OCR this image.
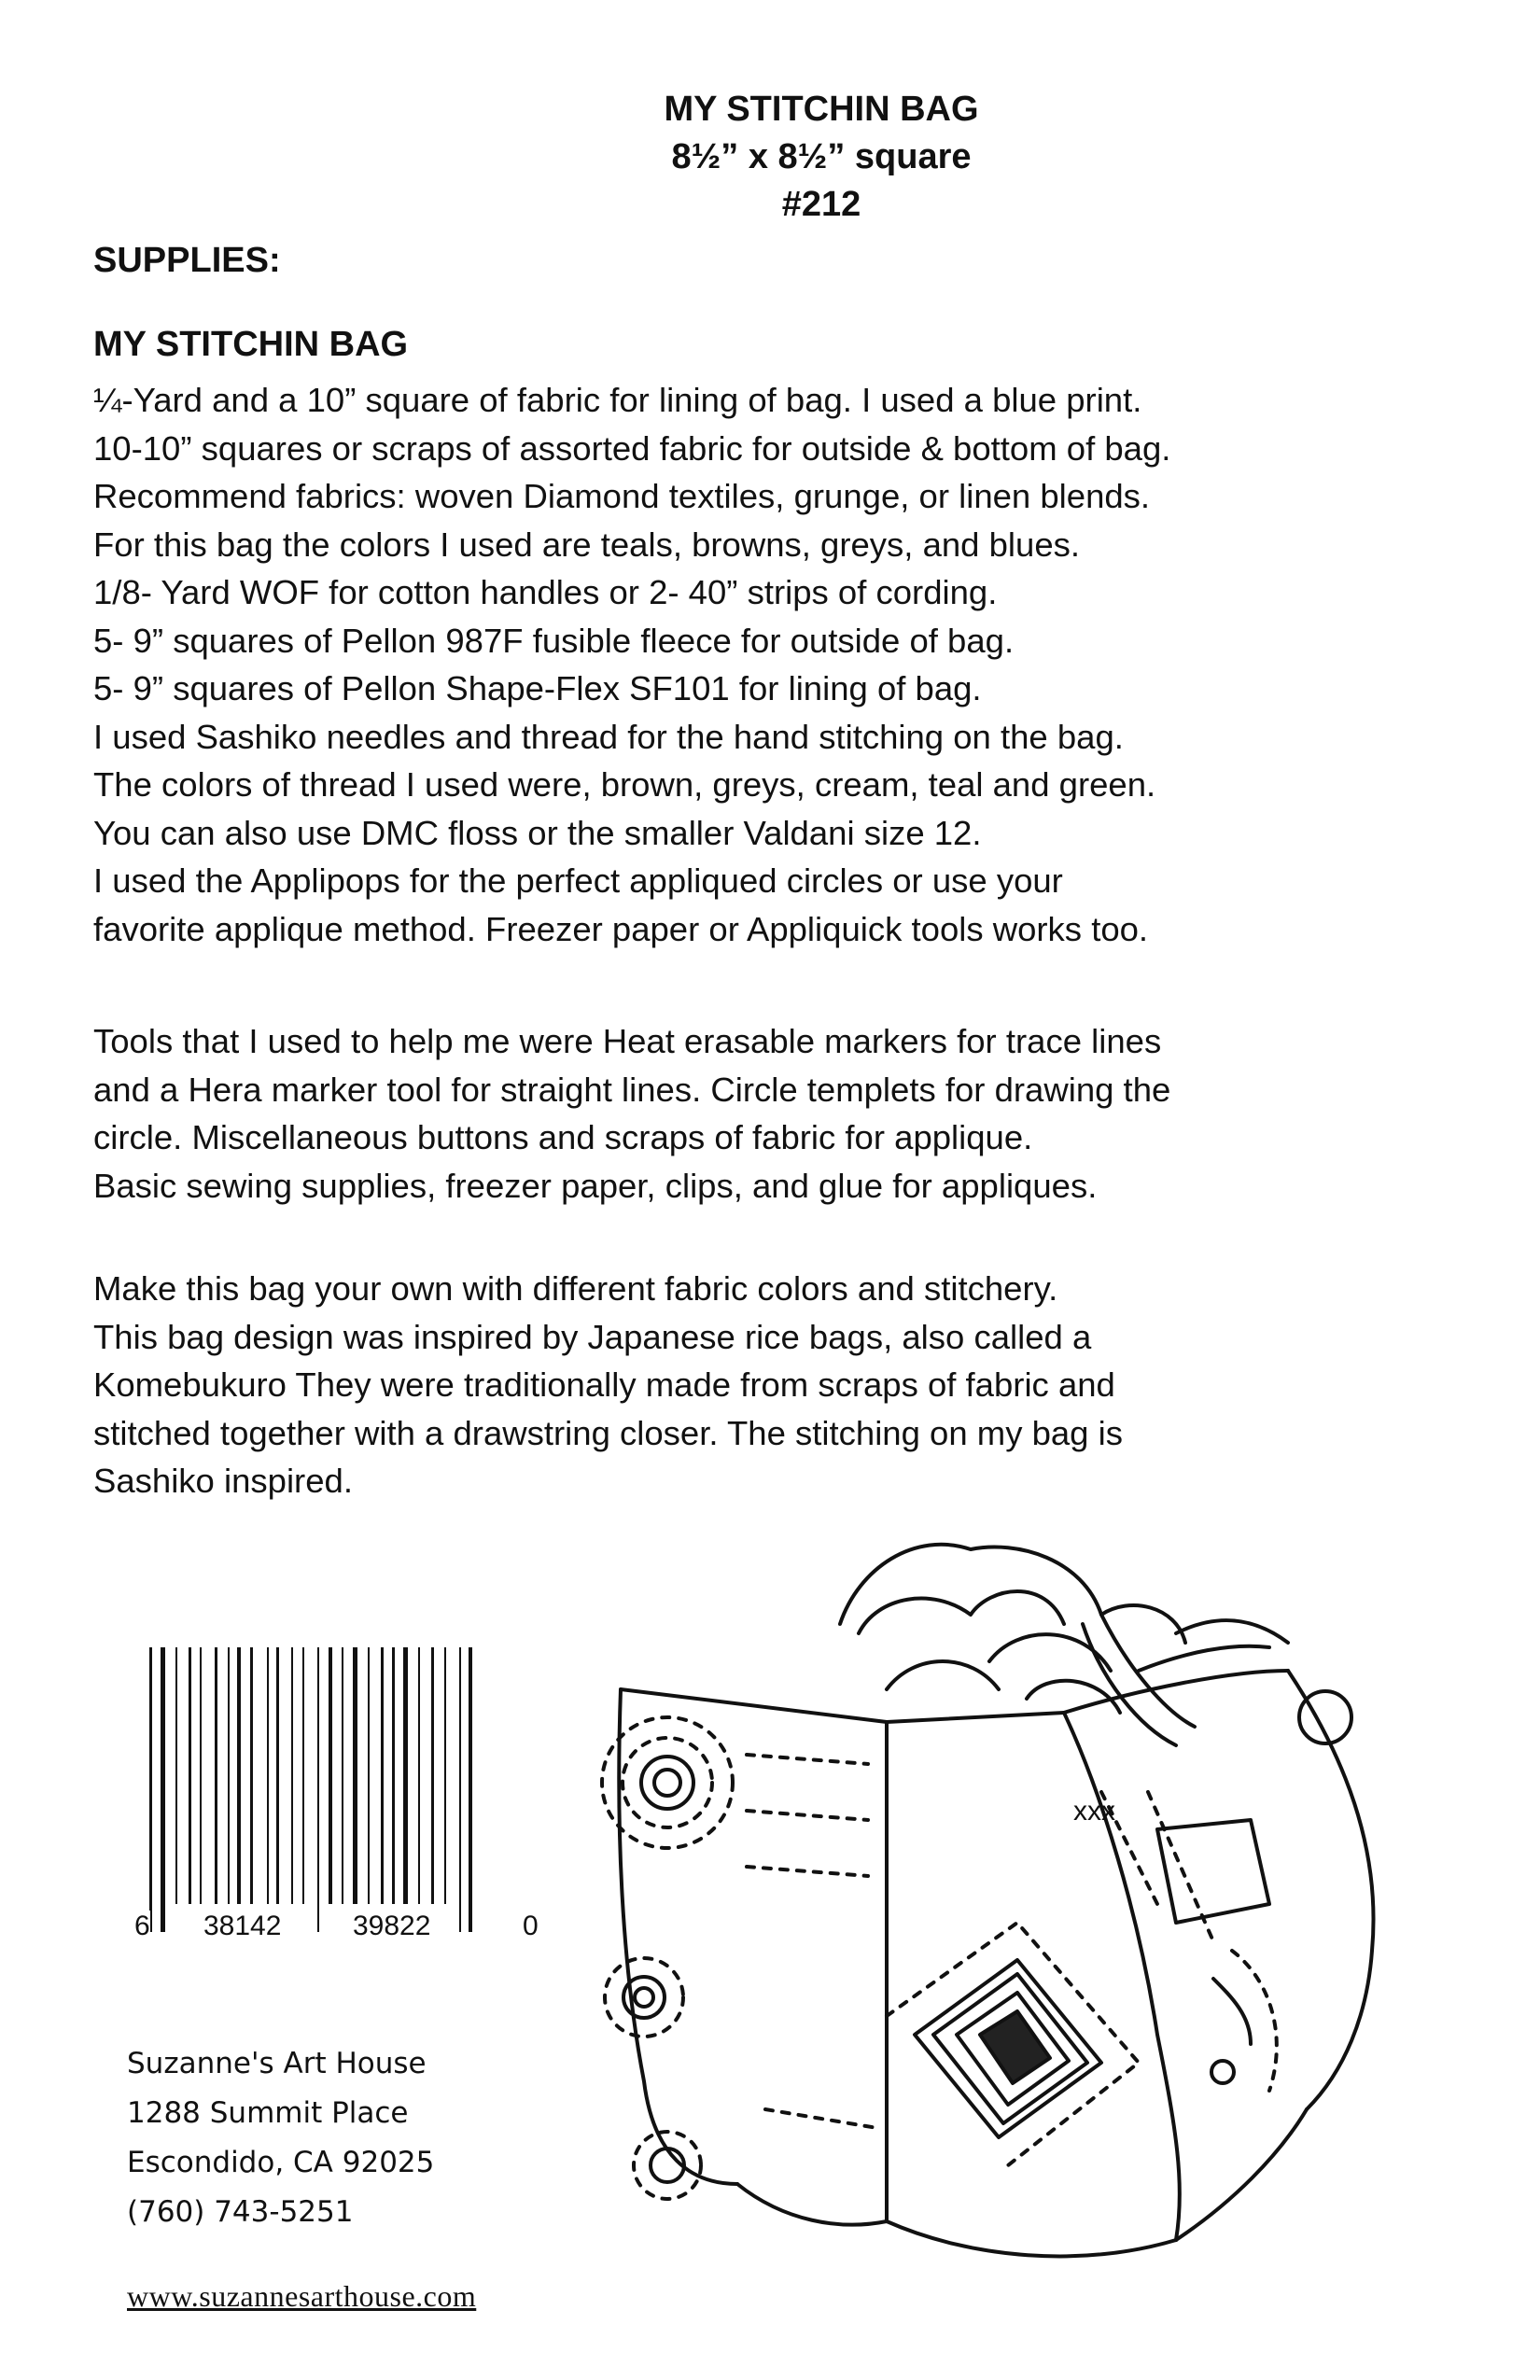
MY STITCHIN BAG
8½” x 8½” square
#212
SUPPLIES:
MY STITCHIN BAG

¼-Yard and a 10” square of fabric for lining of bag. I used a blue print.

10-10” squares or scraps of assorted fabric for outside & bottom of bag.

Recommend fabrics: woven Diamond textiles, grunge, or linen blends.

For this bag the colors I used are teals, browns, greys, and blues.

1/8- Yard WOF for cotton handles or 2- 40” strips of cording.

5- 9” squares of Pellon 987F fusible fleece for outside of bag.

5- 9” squares of Pellon Shape-Flex SF101 for lining of bag.

I used Sashiko needles and thread for the hand stitching on the bag.

The colors of thread I used were, brown, greys, cream, teal and green.

You can also use DMC floss or the smaller Valdani size 12.

I used the Applipops for the perfect appliqued circles or use your

favorite applique method. Freezer paper or Appliquick tools works too.

Tools that I used to help me were Heat erasable markers for trace lines

and a Hera marker tool for straight lines. Circle templets for drawing the

circle. Miscellaneous buttons and scraps of fabric for applique.

Basic sewing supplies, freezer paper, clips, and glue for appliques.

Make this bag your own with different fabric colors and stitchery.

This bag design was inspired by Japanese rice bags, also called a

Komebukuro They were traditionally made from scraps of fabric and

stitched together with a drawstring closer. The stitching on my bag is

Sashiko inspired.

6 38142	39822	0

Suzanne's Art House

1288 Summit Place

Escondido, CA 92025

(760) 743-5251

www.suzannesarthouse.com
xxx
